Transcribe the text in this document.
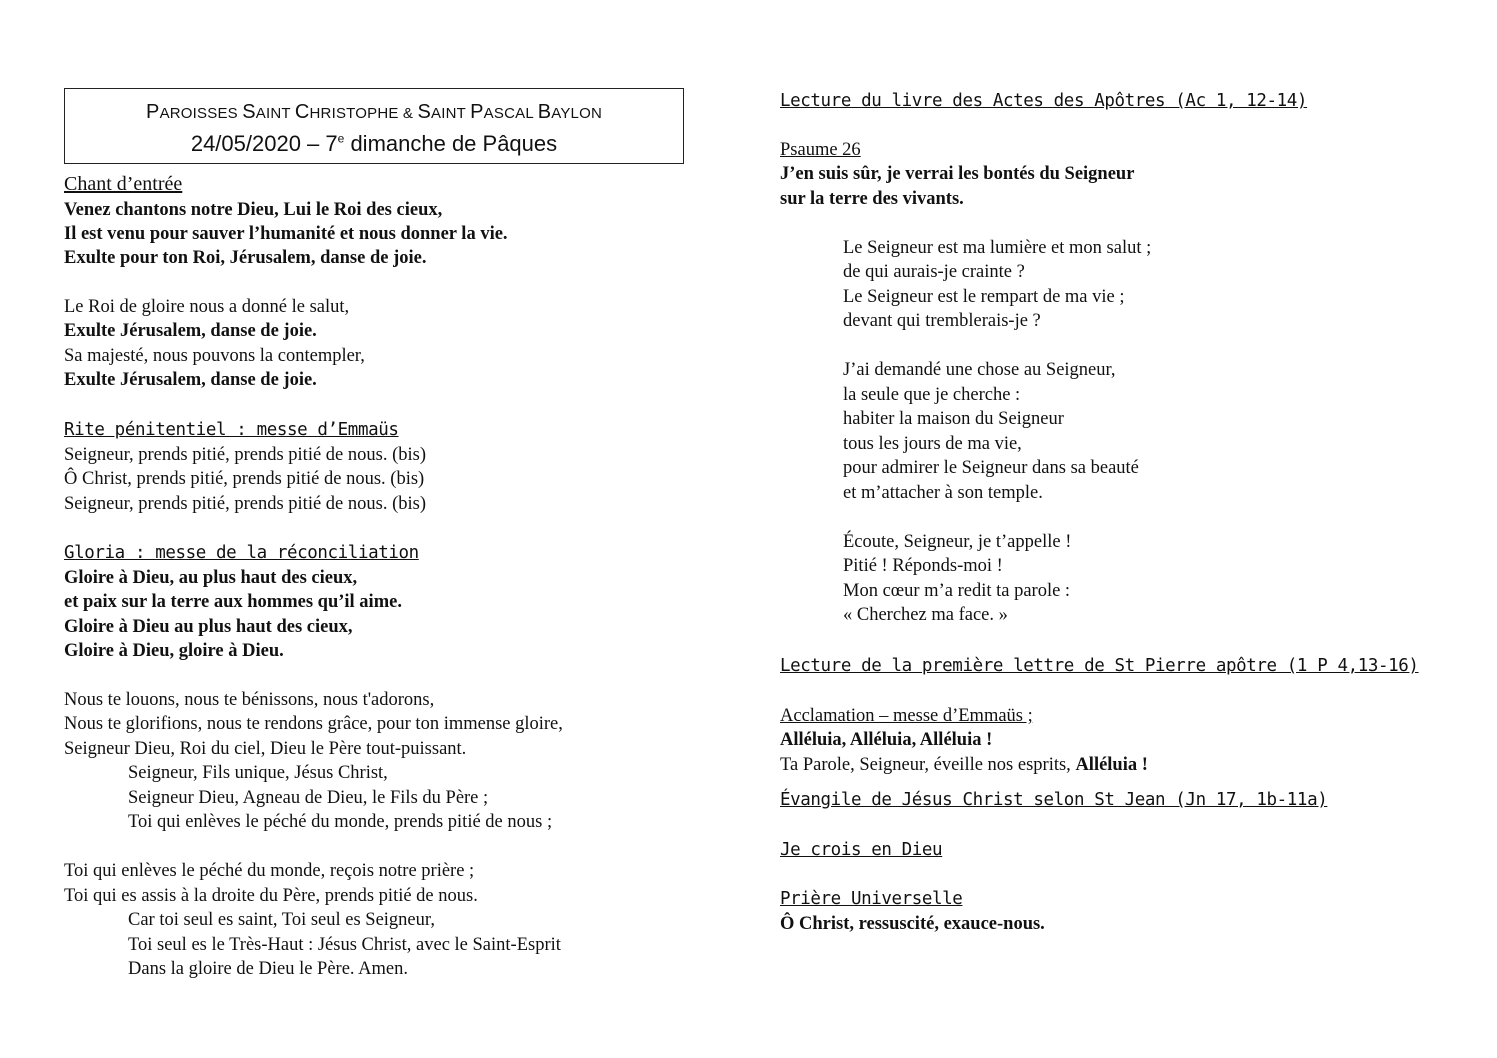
PAROISSES SAINT CHRISTOPHE & SAINT PASCAL BAYLON
24/05/2020 – 7e dimanche de Pâques
Chant d’entrée
Venez chantons notre Dieu, Lui le Roi des cieux,
Il est venu pour sauver l’humanité et nous donner la vie.
Exulte pour ton Roi, Jérusalem, danse de joie.
Le Roi de gloire nous a donné le salut,
Exulte Jérusalem, danse de joie.
Sa majesté, nous pouvons la contempler,
Exulte Jérusalem, danse de joie.
Rite pénitentiel : messe d’Emmaüs
Seigneur, prends pitié, prends pitié de nous. (bis)
Ô Christ, prends pitié, prends pitié de nous. (bis)
Seigneur, prends pitié, prends pitié de nous. (bis)
Gloria : messe de la réconciliation
Gloire à Dieu, au plus haut des cieux,
et paix sur la terre aux hommes qu’il aime.
Gloire à Dieu au plus haut des cieux,
Gloire à Dieu, gloire à Dieu.
Nous te louons, nous te bénissons, nous t'adorons,
Nous te glorifions, nous te rendons grâce, pour ton immense gloire,
Seigneur Dieu, Roi du ciel, Dieu le Père tout-puissant.
Seigneur, Fils unique, Jésus Christ,
Seigneur Dieu, Agneau de Dieu, le Fils du Père ;
Toi qui enlèves le péché du monde, prends pitié de nous ;
Toi qui enlèves le péché du monde, reçois notre prière ;
Toi qui es assis à la droite du Père, prends pitié de nous.
Car toi seul es saint, Toi seul es Seigneur,
Toi seul es le Très-Haut : Jésus Christ, avec le Saint-Esprit
Dans la gloire de Dieu le Père. Amen.
Lecture du livre des Actes des Apôtres (Ac 1, 12-14)
Psaume 26
J’en suis sûr, je verrai les bontés du Seigneur
sur la terre des vivants.
Le Seigneur est ma lumière et mon salut ;
de qui aurais-je crainte ?
Le Seigneur est le rempart de ma vie ;
devant qui tremblerais-je ?
J’ai demandé une chose au Seigneur,
la seule que je cherche :
habiter la maison du Seigneur
tous les jours de ma vie,
pour admirer le Seigneur dans sa beauté
et m’attacher à son temple.
Écoute, Seigneur, je t’appelle !
Pitié ! Réponds-moi !
Mon cœur m’a redit ta parole :
« Cherchez ma face. »
Lecture de la première lettre de St Pierre apôtre (1 P 4,13-16)
Acclamation – messe d’Emmaüs ;
Alléluia, Alléluia, Alléluia !
Ta Parole, Seigneur, éveille nos esprits, Alléluia !
Évangile de Jésus Christ selon St Jean (Jn 17, 1b-11a)
Je crois en Dieu
Prière Universelle
Ô Christ, ressuscité, exauce-nous.
